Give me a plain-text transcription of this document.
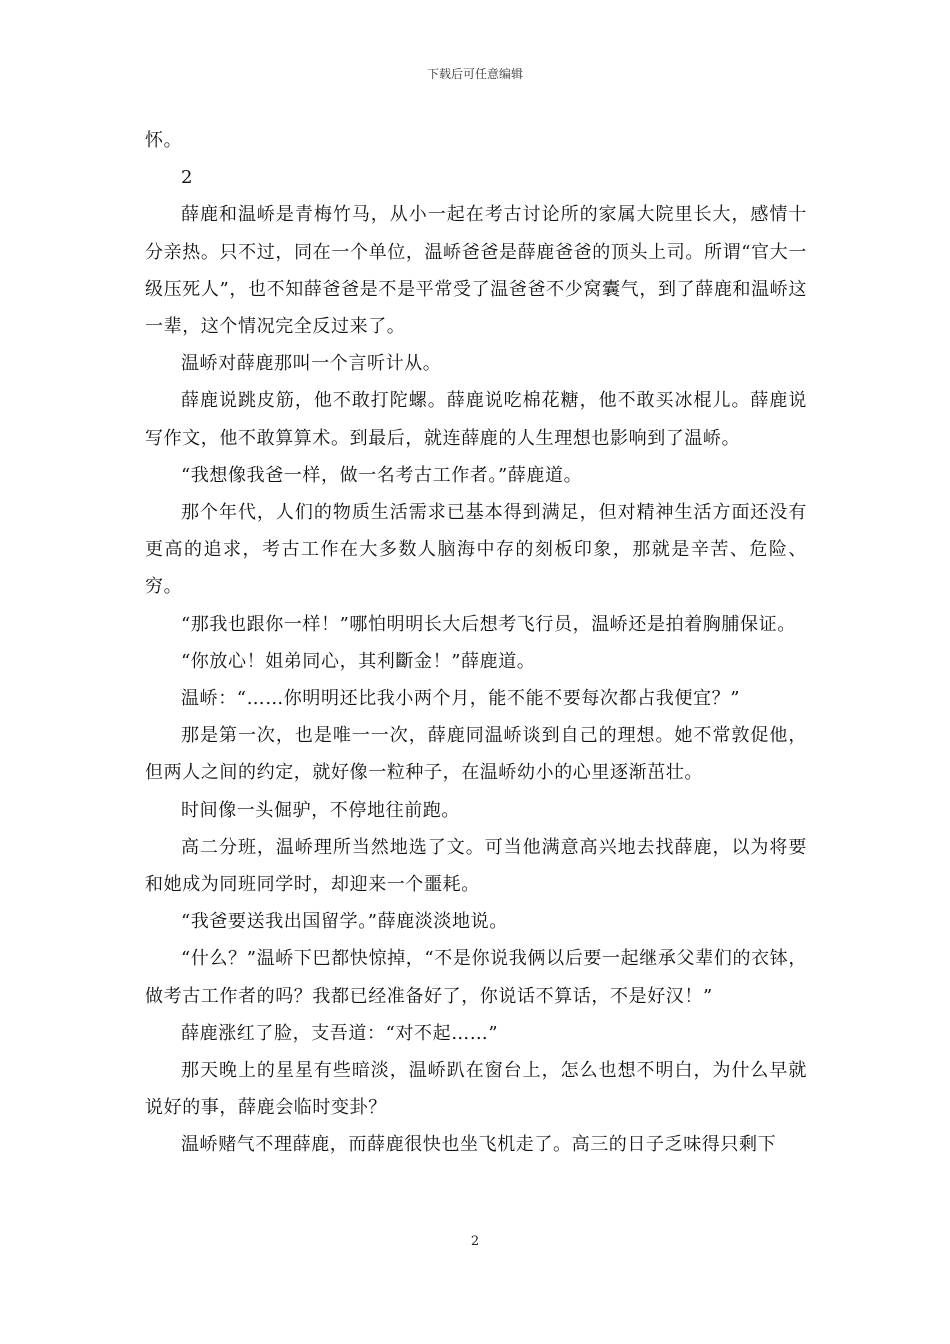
下载后可任意编辑

怀。

2

薛鹿和温峤是青梅竹马，从小一起在考古讨论所的家属大院里长大，感情十分亲热。只不过，同在一个单位，温峤爸爸是薛鹿爸爸的顶头上司。所谓“官大一级压死人”，也不知薛爸爸是不是平常受了温爸爸不少窝囊气，到了薛鹿和温峤这一辈，这个情况完全反过来了。

温峤对薛鹿那叫一个言听计从。

薛鹿说跳皮筋，他不敢打陀螺。薛鹿说吃棉花糖，他不敢买冰棍儿。薛鹿说写作文，他不敢算算术。到最后，就连薛鹿的人生理想也影响到了温峤。

“我想像我爸一样，做一名考古工作者。”薛鹿道。

那个年代，人们的物质生活需求已基本得到满足，但对精神生活方面还没有更高的追求，考古工作在大多数人脑海中存的刻板印象，那就是辛苦、危险、穷。

“那我也跟你一样！”哪怕明明长大后想考飞行员，温峤还是拍着胸脯保证。

“你放心！姐弟同心，其利斷金！”薛鹿道。

温峤：“……你明明还比我小两个月，能不能不要每次都占我便宜？”

那是第一次，也是唯一一次，薛鹿同温峤谈到自己的理想。她不常敦促他，但两人之间的约定，就好像一粒种子，在温峤幼小的心里逐渐茁壮。

时间像一头倔驴，不停地往前跑。

高二分班，温峤理所当然地选了文。可当他满意高兴地去找薛鹿，以为将要和她成为同班同学时，却迎来一个噩耗。

“我爸要送我出国留学。”薛鹿淡淡地说。

“什么？”温峤下巴都快惊掉，“不是你说我俩以后要一起继承父辈们的衣钵，做考古工作者的吗？我都已经准备好了，你说话不算话，不是好汉！”

薛鹿涨红了脸，支吾道：“对不起……”

那天晚上的星星有些暗淡，温峤趴在窗台上，怎么也想不明白，为什么早就说好的事，薛鹿会临时变卦？

温峤赌气不理薛鹿，而薛鹿很快也坐飞机走了。高三的日子乏味得只剩下

2
